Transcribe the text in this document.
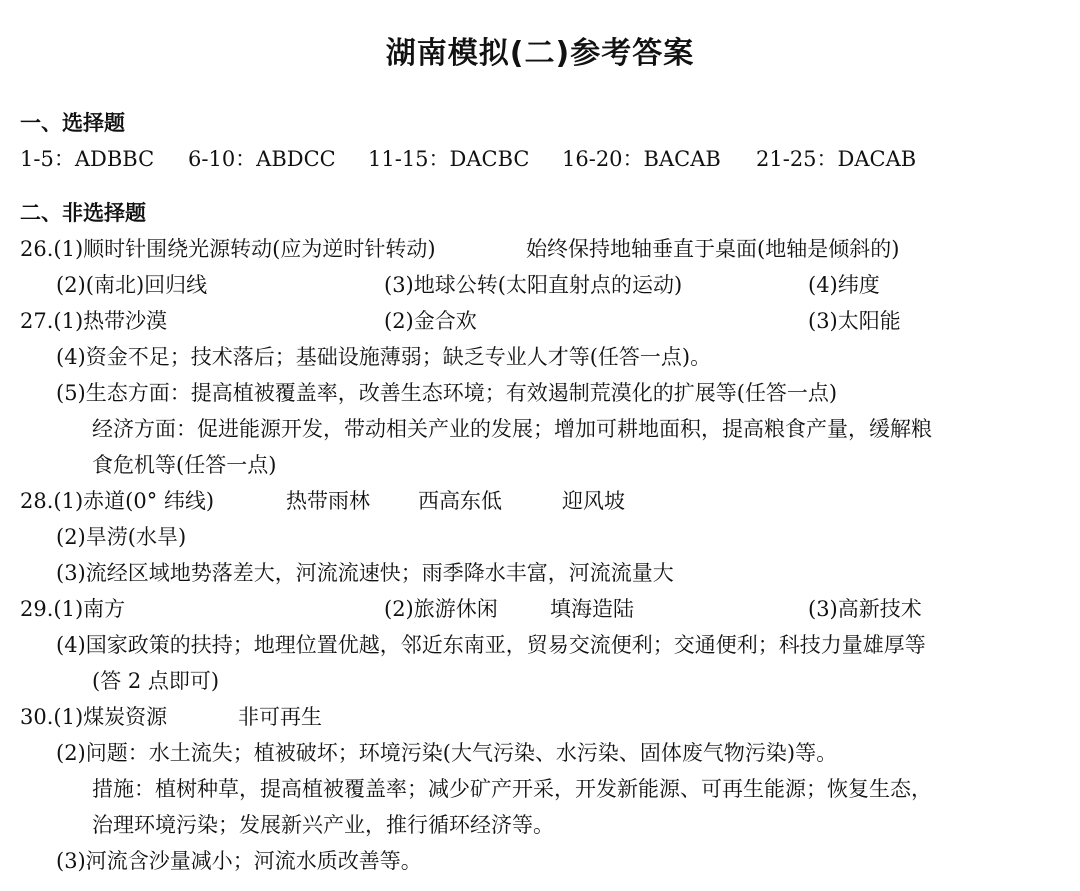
湖南模拟(二)参考答案
一、选择题
1-5：ADBBC 6-10：ABDCC 11-15：DACBC 16-20：BACAB 21-25：DACAB
二、非选择题
26.(1)顺时针围绕光源转动(应为逆时针转动)	始终保持地轴垂直于桌面(地轴是倾斜的)
(2)(南北)回归线	(3)地球公转(太阳直射点的运动)	(4)纬度
27.(1)热带沙漠	(2)金合欢	(3)太阳能
(4)资金不足；技术落后；基础设施薄弱；缺乏专业人才等(任答一点)。
(5)生态方面：提高植被覆盖率，改善生态环境；有效遏制荒漠化的扩展等(任答一点)
经济方面：促进能源开发，带动相关产业的发展；增加可耕地面积，提高粮食产量，缓解粮
食危机等(任答一点)
28.(1)赤道(0° 纬线)	热带雨林 西高东低	迎风坡
(2)旱涝(水旱)
(3)流经区域地势落差大，河流流速快；雨季降水丰富，河流流量大
29.(1)南方	(2)旅游休闲 填海造陆	(3)高新技术
(4)国家政策的扶持；地理位置优越，邻近东南亚，贸易交流便利；交通便利；科技力量雄厚等
(答 2 点即可)
30.(1)煤炭资源	非可再生
(2)问题：水土流失；植被破坏；环境污染(大气污染、水污染、固体废气物污染)等。
措施：植树种草，提高植被覆盖率；减少矿产开采，开发新能源、可再生能源；恢复生态，
治理环境污染；发展新兴产业，推行循环经济等。
(3)河流含沙量减小；河流水质改善等。
